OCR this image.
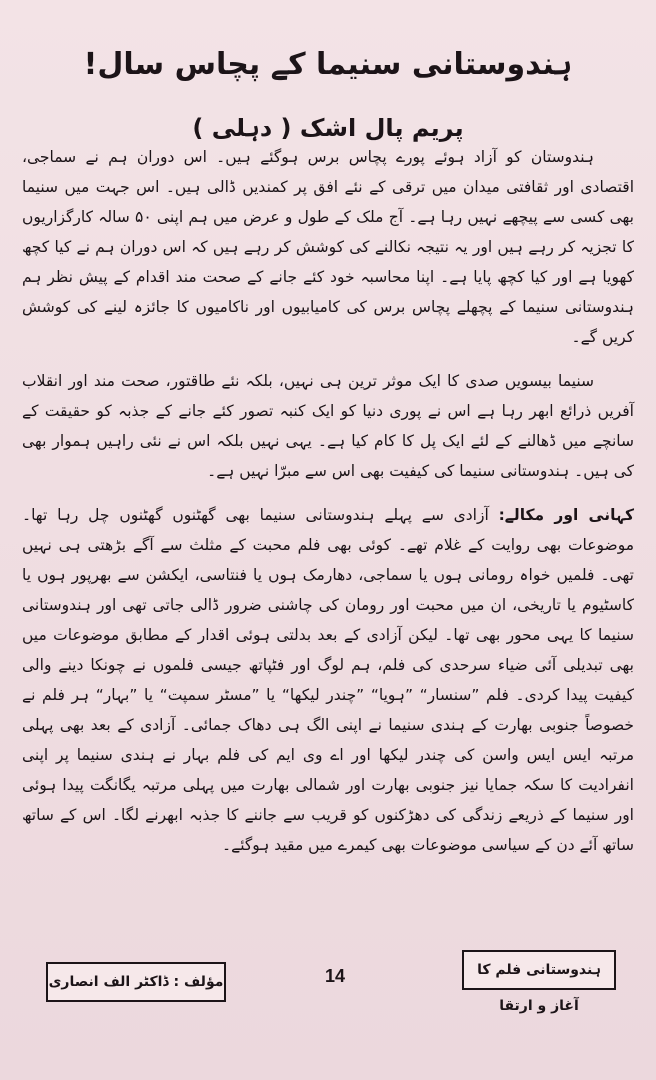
ہندوستانی سنیما کے پچاس سال!
پریم پال اشک ( دہلی )

ہندوستان کو آزاد ہوئے پورے پچاس برس ہوگئے ہیں۔ اس دوران ہم نے سماجی، اقتصادی اور ثقافتی میدان میں ترقی کے نئے افق پر کمندیں ڈالی ہیں۔ اس جہت میں سنیما بھی کسی سے پیچھے نہیں رہا ہے۔ آج ملک کے طول و عرض میں ہم اپنی ۵۰ سالہ کارگزاریوں کا تجزیہ کر رہے ہیں اور یہ نتیجہ نکالنے کی کوشش کر رہے ہیں کہ اس دوران ہم نے کیا کچھ کھویا ہے اور کیا کچھ پایا ہے۔ اپنا محاسبہ خود کئے جانے کے صحت مند اقدام کے پیش نظر ہم ہندوستانی سنیما کے پچھلے پچاس برس کی کامیابیوں اور ناکامیوں کا جائزہ لینے کی کوشش کریں گے۔

سنیما بیسویں صدی کا ایک موثر ترین ہی نہیں، بلکہ نئے طاقتور، صحت مند اور انقلاب آفریں ذرائع ابھر رہا ہے اس نے پوری دنیا کو ایک کنبہ تصور کئے جانے کے جذبہ کو حقیقت کے سانچے میں ڈھالنے کے لئے ایک پل کا کام کیا ہے۔ یہی نہیں بلکہ اس نے نئی راہیں ہموار بھی کی ہیں۔ ہندوستانی سنیما کی کیفیت بھی اس سے مبرّا نہیں ہے۔

کہانی اور مکالے: آزادی سے پہلے ہندوستانی سنیما بھی گھٹنوں گھٹنوں چل رہا تھا۔ موضوعات بھی روایت کے غلام تھے۔ کوئی بھی فلم محبت کے مثلث سے آگے بڑھتی ہی نہیں تھی۔ فلمیں خواہ رومانی ہوں یا سماجی، دھارمک ہوں یا فنتاسی، ایکشن سے بھرپور ہوں یا کاسٹیوم یا تاریخی، ان میں محبت اور رومان کی چاشنی ضرور ڈالی جاتی تھی اور ہندوستانی سنیما کا یہی محور بھی تھا۔ لیکن آزادی کے بعد بدلتی ہوئی اقدار کے مطابق موضوعات میں بھی تبدیلی آئی ضیاء سرحدی کی فلم، ہم لوگ اور فٹپاتھ جیسی فلموں نے چونکا دینے والی کیفیت پیدا کردی۔ فلم ”سنسار“ ”ہویا“ ”چندر لیکھا“ یا ”مسٹر سمپت“ یا ”بہار“ ہر فلم نے خصوصاً جنوبی بھارت کے ہندی سنیما نے اپنی الگ ہی دھاک جمائی۔ آزادی کے بعد بھی پہلی مرتبہ ایس ایس واسن کی چندر لیکھا اور اے وی ایم کی فلم بہار نے ہندی سنیما پر اپنی انفرادیت کا سکہ جمایا نیز جنوبی بھارت اور شمالی بھارت میں پہلی مرتبہ یگانگت پیدا ہوئی اور سنیما کے ذریعے زندگی کی دھڑکنوں کو قریب سے جاننے کا جذبہ ابھرنے لگا۔ اس کے ساتھ ساتھ آئے دن کے سیاسی موضوعات بھی کیمرے میں مقید ہوگئے۔

ہندوستانی فلم کا آغاز و ارتقا
14
مؤلف : ڈاکٹر الف انصاری
